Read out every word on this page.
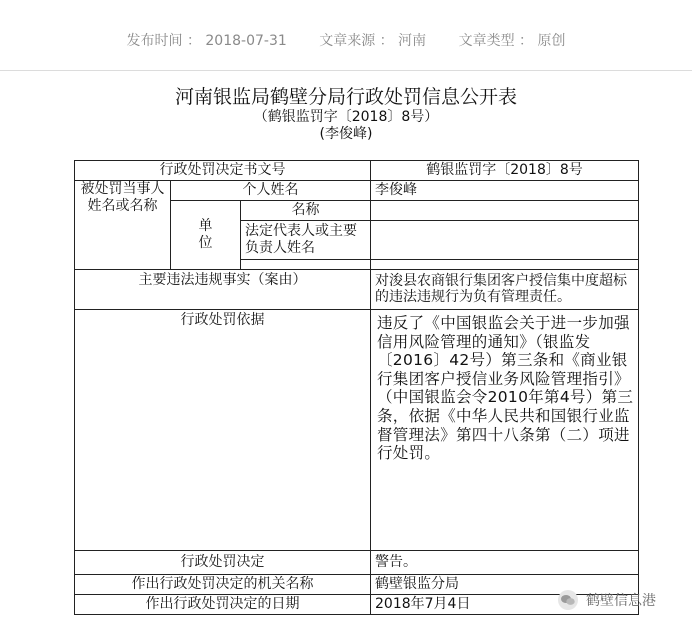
发布时间 ： 2018-07-31 文章来源 ： 河南 文章类型 ： 原创
河南银监局鹤壁分局行政处罚信息公开表
（鹤银监罚字〔2018〕8号）
(李俊峰)
行政处罚决定书文号			鹤银监罚字〔2018〕8号
被处罚当事人姓名或名称	个人姓名		李俊峰
	单位	名称	
		法定代表人或主要负责人姓名	

主要违法违规事实（案由）			对浚县农商银行集团客户授信集中度超标的违法违规行为负有管理责任。
行政处罚依据			违反了《中国银监会关于进一步加强信用风险管理的通知》（银监发〔2016〕42号）第三条和《商业银行集团客户授信业务风险管理指引》（中国银监会令2010年第4号）第三条，依据《中华人民共和国银行业监督管理法》第四十八条第（二）项进行处罚。
行政处罚决定			警告。
作出行政处罚决定的机关名称			鹤壁银监分局
作出行政处罚决定的日期			2018年7月4日	鹤壁信息港
